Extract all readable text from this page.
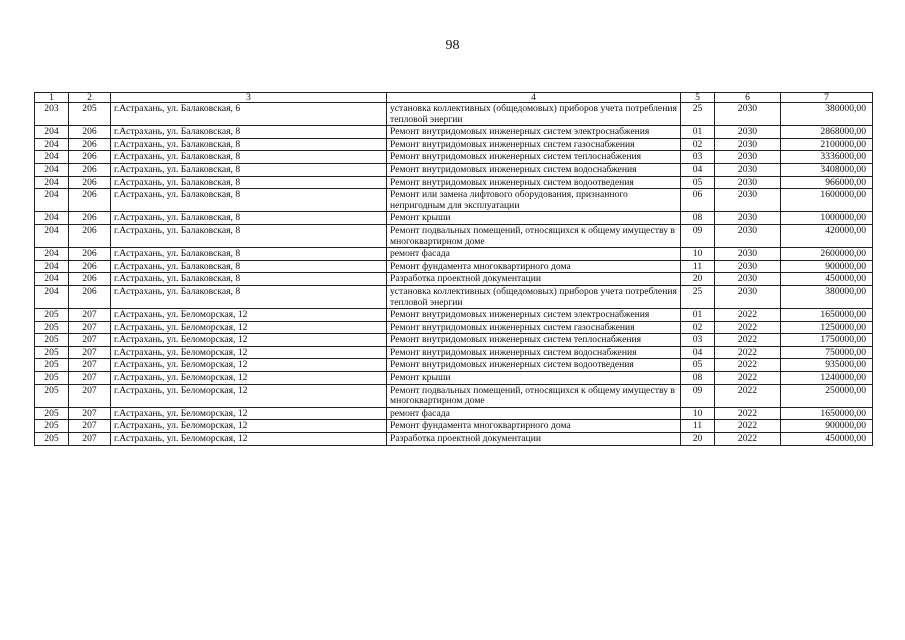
98
1	2	3	4	5	6	7
203	205	г.Астрахань, ул. Балаковская, 6	установка коллективных (общедомовых) приборов учета потребления тепловой энергии	25	2030	380000,00
204	206	г.Астрахань, ул. Балаковская, 8	Ремонт внутридомовых инженерных систем электроснабжения	01	2030	2868000,00
204	206	г.Астрахань, ул. Балаковская, 8	Ремонт внутридомовых инженерных систем газоснабжения	02	2030	2100000,00
204	206	г.Астрахань, ул. Балаковская, 8	Ремонт внутридомовых инженерных систем теплоснабжения	03	2030	3336000,00
204	206	г.Астрахань, ул. Балаковская, 8	Ремонт внутридомовых инженерных систем водоснабжения	04	2030	3408000,00
204	206	г.Астрахань, ул. Балаковская, 8	Ремонт внутридомовых инженерных систем водоотведения	05	2030	966000,00
204	206	г.Астрахань, ул. Балаковская, 8	Ремонт или замена лифтового оборудования, признанного непригодным для эксплуатации	06	2030	1600000,00
204	206	г.Астрахань, ул. Балаковская, 8	Ремонт крыши	08	2030	1000000,00
204	206	г.Астрахань, ул. Балаковская, 8	Ремонт подвальных помещений, относящихся к общему имуществу в многоквартирном доме	09	2030	420000,00
204	206	г.Астрахань, ул. Балаковская, 8	ремонт фасада	10	2030	2600000,00
204	206	г.Астрахань, ул. Балаковская, 8	Ремонт фундамента многоквартирного дома	11	2030	900000,00
204	206	г.Астрахань, ул. Балаковская, 8	Разработка проектной документации	20	2030	450000,00
204	206	г.Астрахань, ул. Балаковская, 8	установка коллективных (общедомовых) приборов учета потребления тепловой энергии	25	2030	380000,00
205	207	г.Астрахань, ул. Беломорская, 12	Ремонт внутридомовых инженерных систем электроснабжения	01	2022	1650000,00
205	207	г.Астрахань, ул. Беломорская, 12	Ремонт внутридомовых инженерных систем газоснабжения	02	2022	1250000,00
205	207	г.Астрахань, ул. Беломорская, 12	Ремонт внутридомовых инженерных систем теплоснабжения	03	2022	1750000,00
205	207	г.Астрахань, ул. Беломорская, 12	Ремонт внутридомовых инженерных систем водоснабжения	04	2022	750000,00
205	207	г.Астрахань, ул. Беломорская, 12	Ремонт внутридомовых инженерных систем водоотведения	05	2022	935000,00
205	207	г.Астрахань, ул. Беломорская, 12	Ремонт крыши	08	2022	1240000,00
205	207	г.Астрахань, ул. Беломорская, 12	Ремонт подвальных помещений, относящихся к общему имуществу в многоквартирном доме	09	2022	250000,00
205	207	г.Астрахань, ул. Беломорская, 12	ремонт фасада	10	2022	1650000,00
205	207	г.Астрахань, ул. Беломорская, 12	Ремонт фундамента многоквартирного дома	11	2022	900000,00
205	207	г.Астрахань, ул. Беломорская, 12	Разработка проектной документации	20	2022	450000,00
